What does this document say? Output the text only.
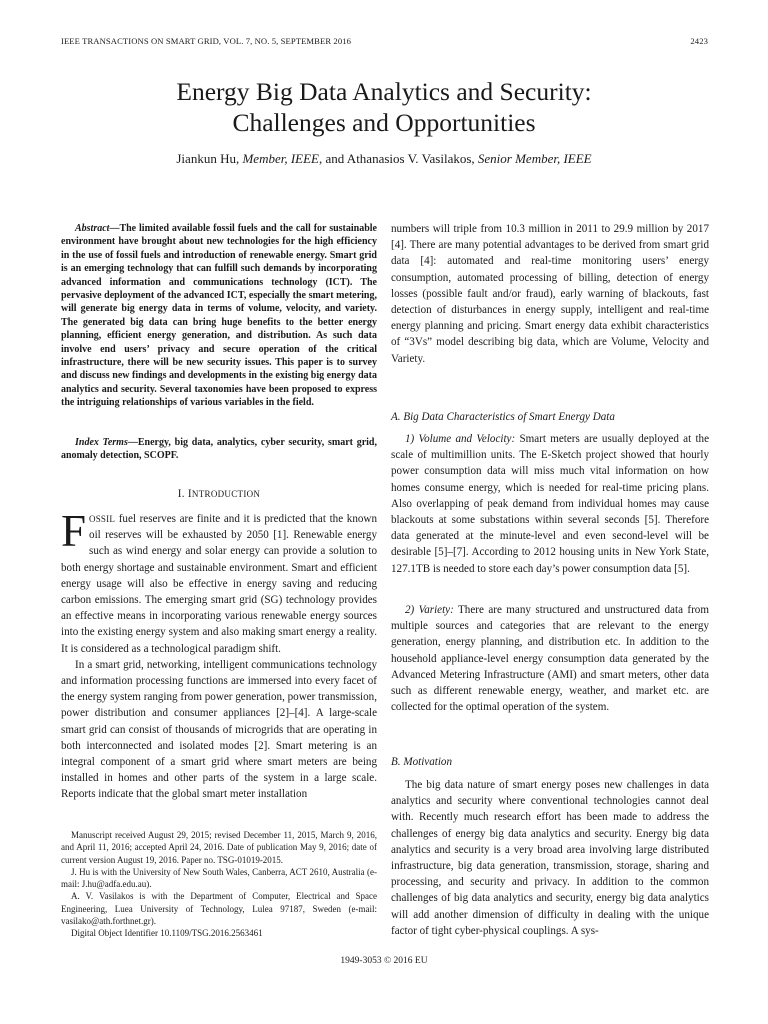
IEEE TRANSACTIONS ON SMART GRID, VOL. 7, NO. 5, SEPTEMBER 2016	2423
Energy Big Data Analytics and Security:
Challenges and Opportunities
Jiankun Hu, Member, IEEE, and Athanasios V. Vasilakos, Senior Member, IEEE

Abstract—The limited available fossil fuels and the call for sustainable environment have brought about new technologies for the high efficiency in the use of fossil fuels and introduction of renewable energy. Smart grid is an emerging technology that can fulfill such demands by incorporating advanced information and communications technology (ICT). The pervasive deployment of the advanced ICT, especially the smart metering, will generate big energy data in terms of volume, velocity, and variety. The generated big data can bring huge benefits to the better energy planning, efficient energy generation, and distribution. As such data involve end users’ privacy and secure operation of the critical infrastructure, there will be new security issues. This paper is to survey and discuss new findings and developments in the existing big energy data analytics and security. Several taxonomies have been proposed to express the intriguing relationships of various variables in the field.

Index Terms—Energy, big data, analytics, cyber security, smart grid, anomaly detection, SCOPF.
I. INTRODUCTION

FOSSIL fuel reserves are finite and it is predicted that the known oil reserves will be exhausted by 2050 [1]. Renewable energy such as wind energy and solar energy can provide a solution to both energy shortage and sustainable environment. Smart and efficient energy usage will also be effective in energy saving and reducing carbon emissions. The emerging smart grid (SG) technology provides an effective means in incorporating various renewable energy sources into the existing energy system and also making smart energy a reality. It is considered as a technological paradigm shift.

In a smart grid, networking, intelligent communications technology and information processing functions are immersed into every facet of the energy system ranging from power generation, power transmission, power distribution and consumer appliances [2]–[4]. A large-scale smart grid can consist of thousands of microgrids that are operating in both interconnected and isolated modes [2]. Smart metering is an integral component of a smart grid where smart meters are being installed in homes and other parts of the system in a large scale. Reports indicate that the global smart meter installation

Manuscript received August 29, 2015; revised December 11, 2015, March 9, 2016, and April 11, 2016; accepted April 24, 2016. Date of publication May 9, 2016; date of current version August 19, 2016. Paper no. TSG-01019-2015.

J. Hu is with the University of New South Wales, Canberra, ACT 2610, Australia (e-mail: J.hu@adfa.edu.au).

A. V. Vasilakos is with the Department of Computer, Electrical and Space Engineering, Luea University of Technology, Lulea 97187, Sweden (e-mail: vasilako@ath.forthnet.gr).

Digital Object Identifier 10.1109/TSG.2016.2563461

numbers will triple from 10.3 million in 2011 to 29.9 million by 2017 [4]. There are many potential advantages to be derived from smart grid data [4]: automated and real-time monitoring users’ energy consumption, automated processing of billing, detection of energy losses (possible fault and/or fraud), early warning of blackouts, fast detection of disturbances in energy supply, intelligent and real-time energy planning and pricing. Smart energy data exhibit characteristics of “3Vs” model describing big data, which are Volume, Velocity and Variety.
A. Big Data Characteristics of Smart Energy Data

1) Volume and Velocity: Smart meters are usually deployed at the scale of multimillion units. The E-Sketch project showed that hourly power consumption data will miss much vital information on how homes consume energy, which is needed for real-time pricing plans. Also overlapping of peak demand from individual homes may cause blackouts at some substations within several seconds [5]. Therefore data generated at the minute-level and even second-level will be desirable [5]–[7]. According to 2012 housing units in New York State, 127.1TB is needed to store each day’s power consumption data [5].

2) Variety: There are many structured and unstructured data from multiple sources and categories that are relevant to the energy generation, energy planning, and distribution etc. In addition to the household appliance-level energy consumption data generated by the Advanced Metering Infrastructure (AMI) and smart meters, other data such as different renewable energy, weather, and market etc. are collected for the optimal operation of the system.

B. Motivation

The big data nature of smart energy poses new challenges in data analytics and security where conventional technologies cannot deal with. Recently much research effort has been made to address the challenges of energy big data analytics and security. Energy big data analytics and security is a very broad area involving large distributed infrastructure, big data generation, transmission, storage, sharing and processing, and security and privacy. In addition to the common challenges of big data analytics and security, energy big data analytics will add another dimension of difficulty in dealing with the unique factor of tight cyber-physical couplings. A sys-

1949-3053 © 2016 EU
